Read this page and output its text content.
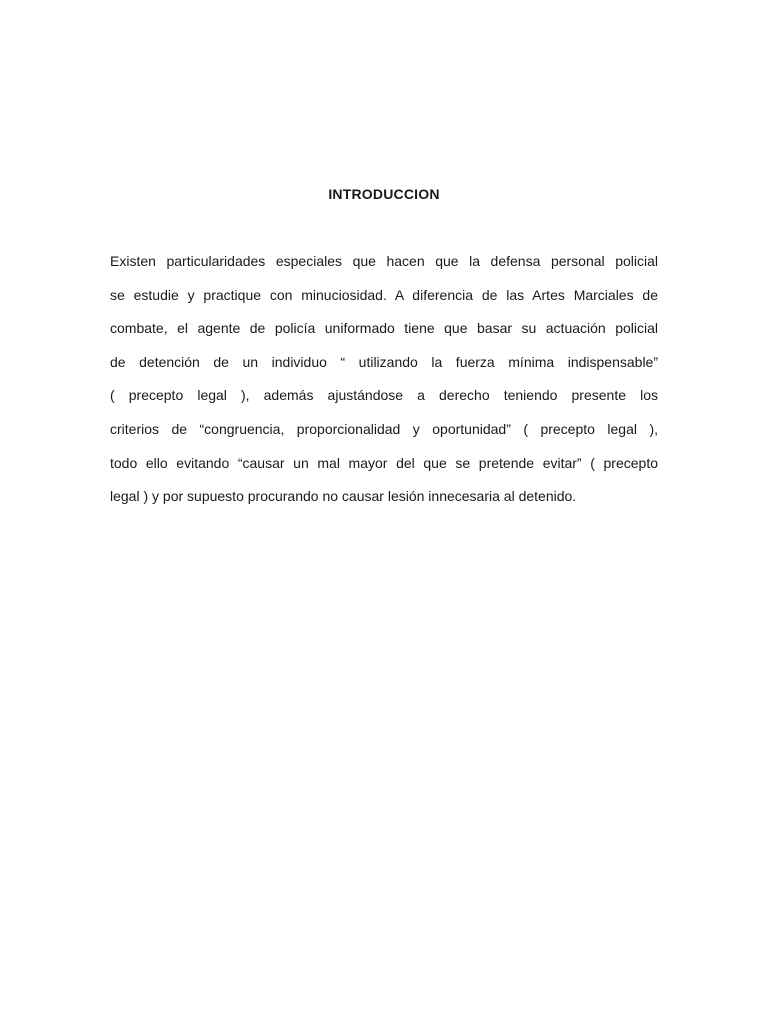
INTRODUCCION
Existen particularidades especiales que hacen que la defensa personal policial
se estudie y practique con minuciosidad. A diferencia de las Artes Marciales de
combate, el agente de policía uniformado tiene que basar su actuación policial
de detención de un individuo “ utilizando la fuerza mínima indispensable”
( precepto legal ), además ajustándose a derecho teniendo presente los
criterios de “congruencia, proporcionalidad y oportunidad” ( precepto legal ),
todo ello evitando “causar un mal mayor del que se pretende evitar” ( precepto
legal ) y por supuesto procurando no causar lesión innecesaria al detenido.
